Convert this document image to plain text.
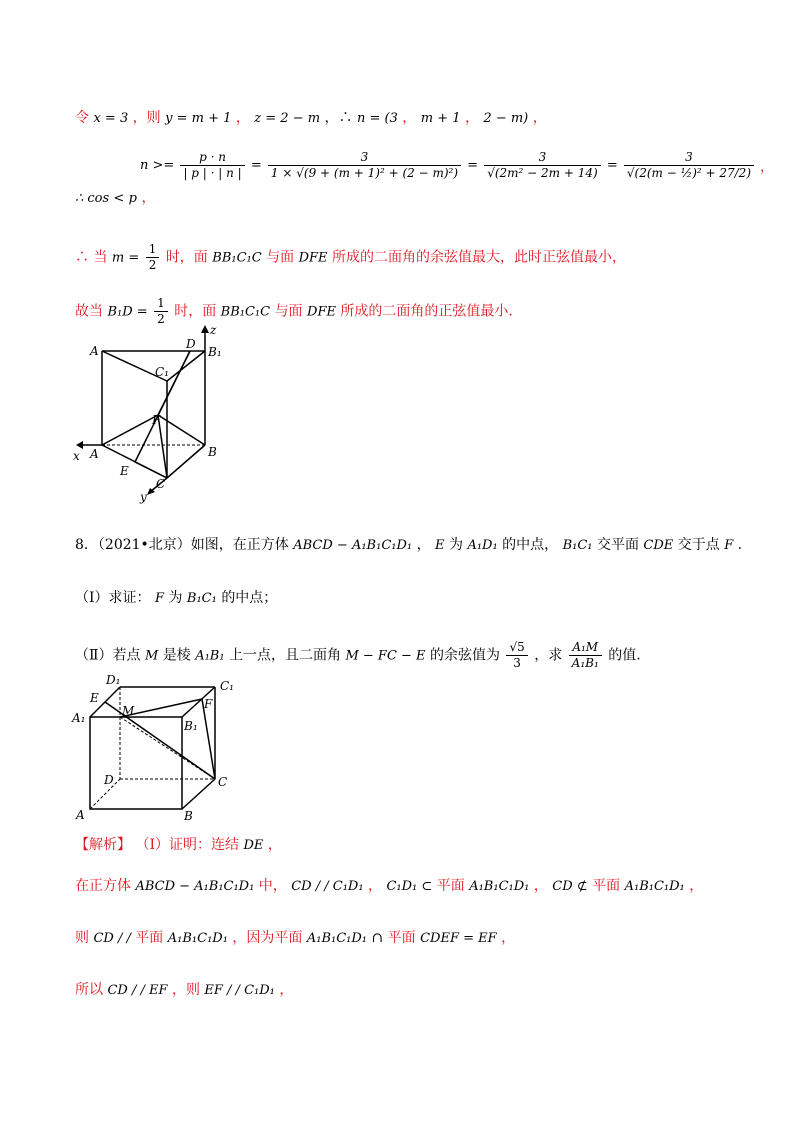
令 x = 3 ，则 y = m + 1 ， z = 2 − m ，∴ n = (3 ， m + 1 ， 2 − m) ，
$n >= \frac{p \cdot n}{| p | \cdot | n |} = \frac{3}{\text{1 × √(9 + (m + 1)² + (2 − m)²)}} = \frac{3}{\text{√(2m² − 2m + 14)}} = \frac{3}{\text{√(2(m − ½)² + 27/2)}}$ ，
∴ cos < p ，
∴ 当 $m = \frac{1}{2}$ 时，面 BB₁C₁C 与面 DFE 所成的二面角的余弦值最大，此时正弦值最小，
故当 $B_1D = \frac{1}{2}$ 时，面 BB₁C₁C 与面 DFE 所成的二面角的正弦值最小.
z
A	D
B₁
C₁
F
x A	B
E
C
y
8．（2021•北京）如图，在正方体 ABCD − A₁B₁C₁D₁ ， E 为 A₁D₁ 的中点， B₁C₁ 交平面 CDE 交于点 F .
（Ⅰ）求证： F 为 B₁C₁ 的中点；
（Ⅱ）若点 M 是棱 A₁B₁ 上一点，且二面角 M − FC − E 的余弦值为 $\frac{√5}{3}$ ，求 $\frac{\text{A₁M}}{\text{A₁B₁}}$ 的值.
D₁	C₁
E	F
A₁	M
B₁
D	C
A	B
【解析】 （Ⅰ）证明：连结 DE ，
在正方体 ABCD − A₁B₁C₁D₁ 中， CD / / C₁D₁ ， C₁D₁ ⊂ 平面 A₁B₁C₁D₁ ， CD ⊄ 平面 A₁B₁C₁D₁ ，
则 CD / / 平面 A₁B₁C₁D₁ ，因为平面 A₁B₁C₁D₁ ∩ 平面 CDEF = EF ，
所以 CD / / EF ，则 EF / / C₁D₁ ，
